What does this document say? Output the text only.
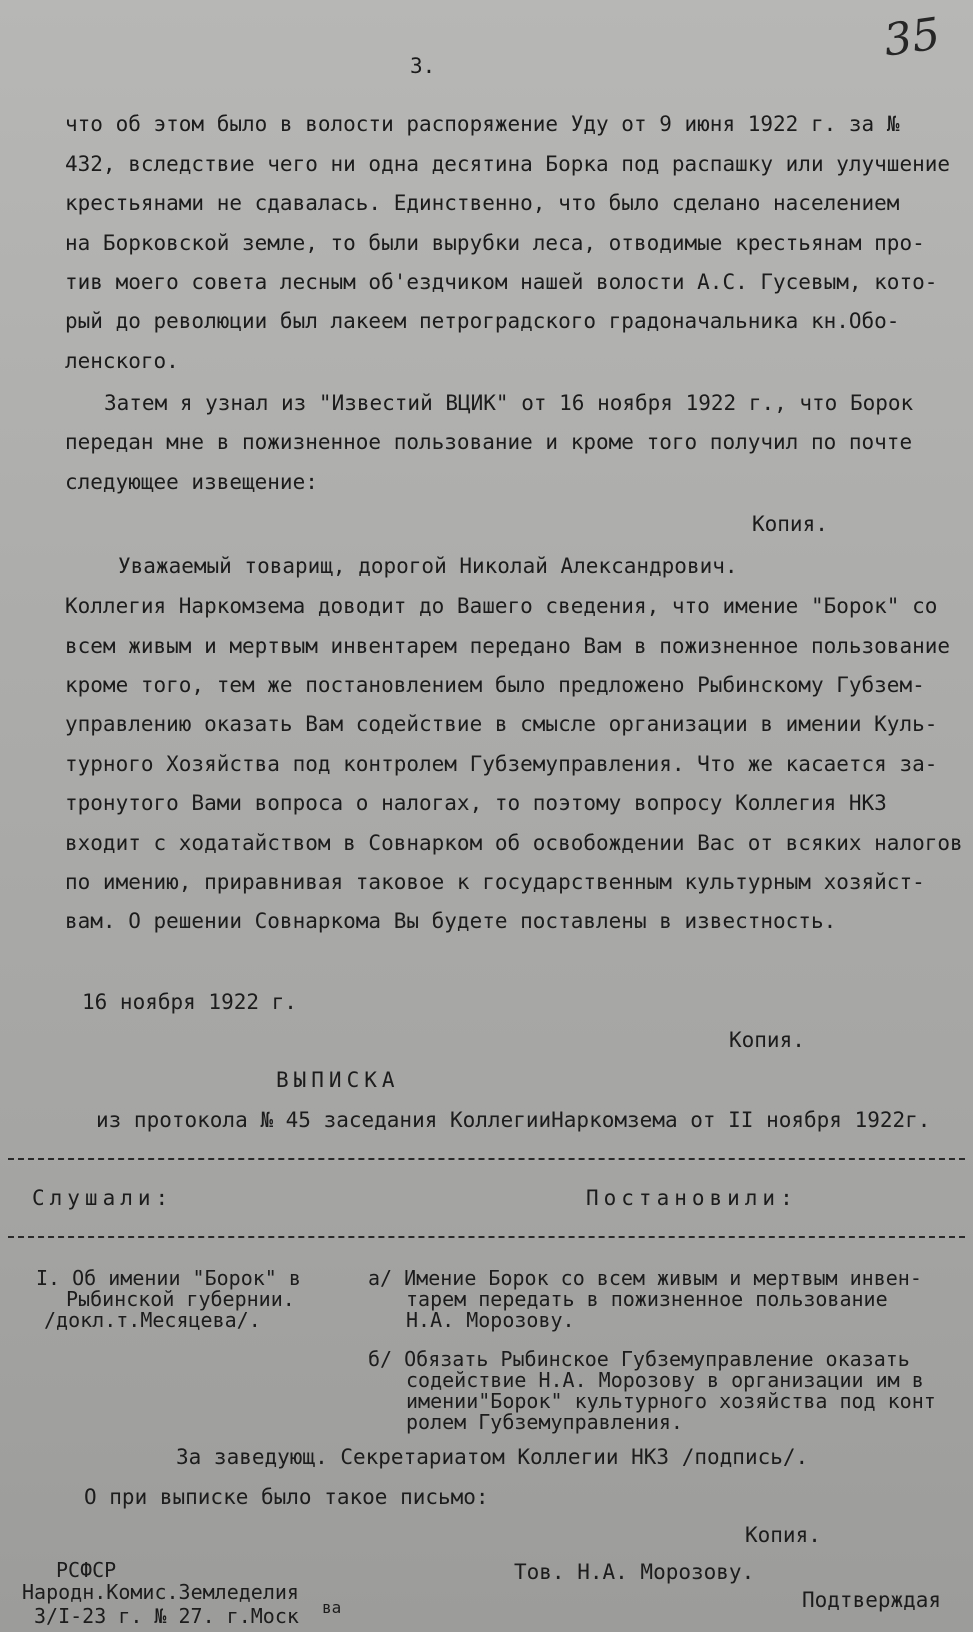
35
3.
что об этом было в волости распоряжение Уду от 9 июня 1922 г. за №
432, вследствие чего ни одна десятина Борка под распашку или улучшение
крестьянами не сдавалась. Единственно, что было сделано населением
на Борковской земле, то были вырубки леса, отводимые крестьянам про-
тив моего совета лесным об'ездчиком нашей волости А.С. Гусевым, кото-
рый до революции был лакеем петроградского градоначальника кн.Обо-
ленского.
Затем я узнал из "Известий ВЦИК" от 16 ноября 1922 г., что Борок
передан мне в пожизненное пользование и кроме того получил по почте
следующее извещение:
Копия.
Уважаемый товарищ, дорогой Николай Александрович.
Коллегия Наркомзема доводит до Вашего сведения, что имение "Борок" со
всем живым и мертвым инвентарем передано Вам в пожизненное пользование
кроме того, тем же постановлением было предложено Рыбинскому Губзем-
управлению оказать Вам содействие в смысле организации в имении Куль-
турного Хозяйства под контролем Губземуправления. Что же касается за-
тронутого Вами вопроса о налогах, то поэтому вопросу Коллегия НКЗ
входит с ходатайством в Совнарком об освобождении Вас от всяких налогов
по имению, приравнивая таковое к государственным культурным хозяйст-
вам. О решении Совнаркома Вы будете поставлены в известность.
16 ноября 1922 г.
Копия.
ВЫПИСКА
из протокола № 45 заседания КоллегииНаркомзема от II ноября 1922г.
Слушали:	Постановили:
I. Об имении "Борок" в
Рыбинской губернии.
/докл.т.Месяцева/.
а/ Имение Борок со всем живым и мертвым инвен-
тарем передать в пожизненное пользование
Н.А. Морозову.
б/ Обязать Рыбинское Губземуправление оказать
содействие Н.А. Морозову в организации им в
имении"Борок" культурного хозяйства под конт
ролем Губземуправления.
За заведующ. Секретариатом Коллегии НКЗ /подпись/.
О при выписке было такое письмо:
Копия.
РСФСР
Народн.Комис.Земледелия
3/I-23 г. № 27. г.Моск ва
Тов. Н.А. Морозову.
Подтверждая
